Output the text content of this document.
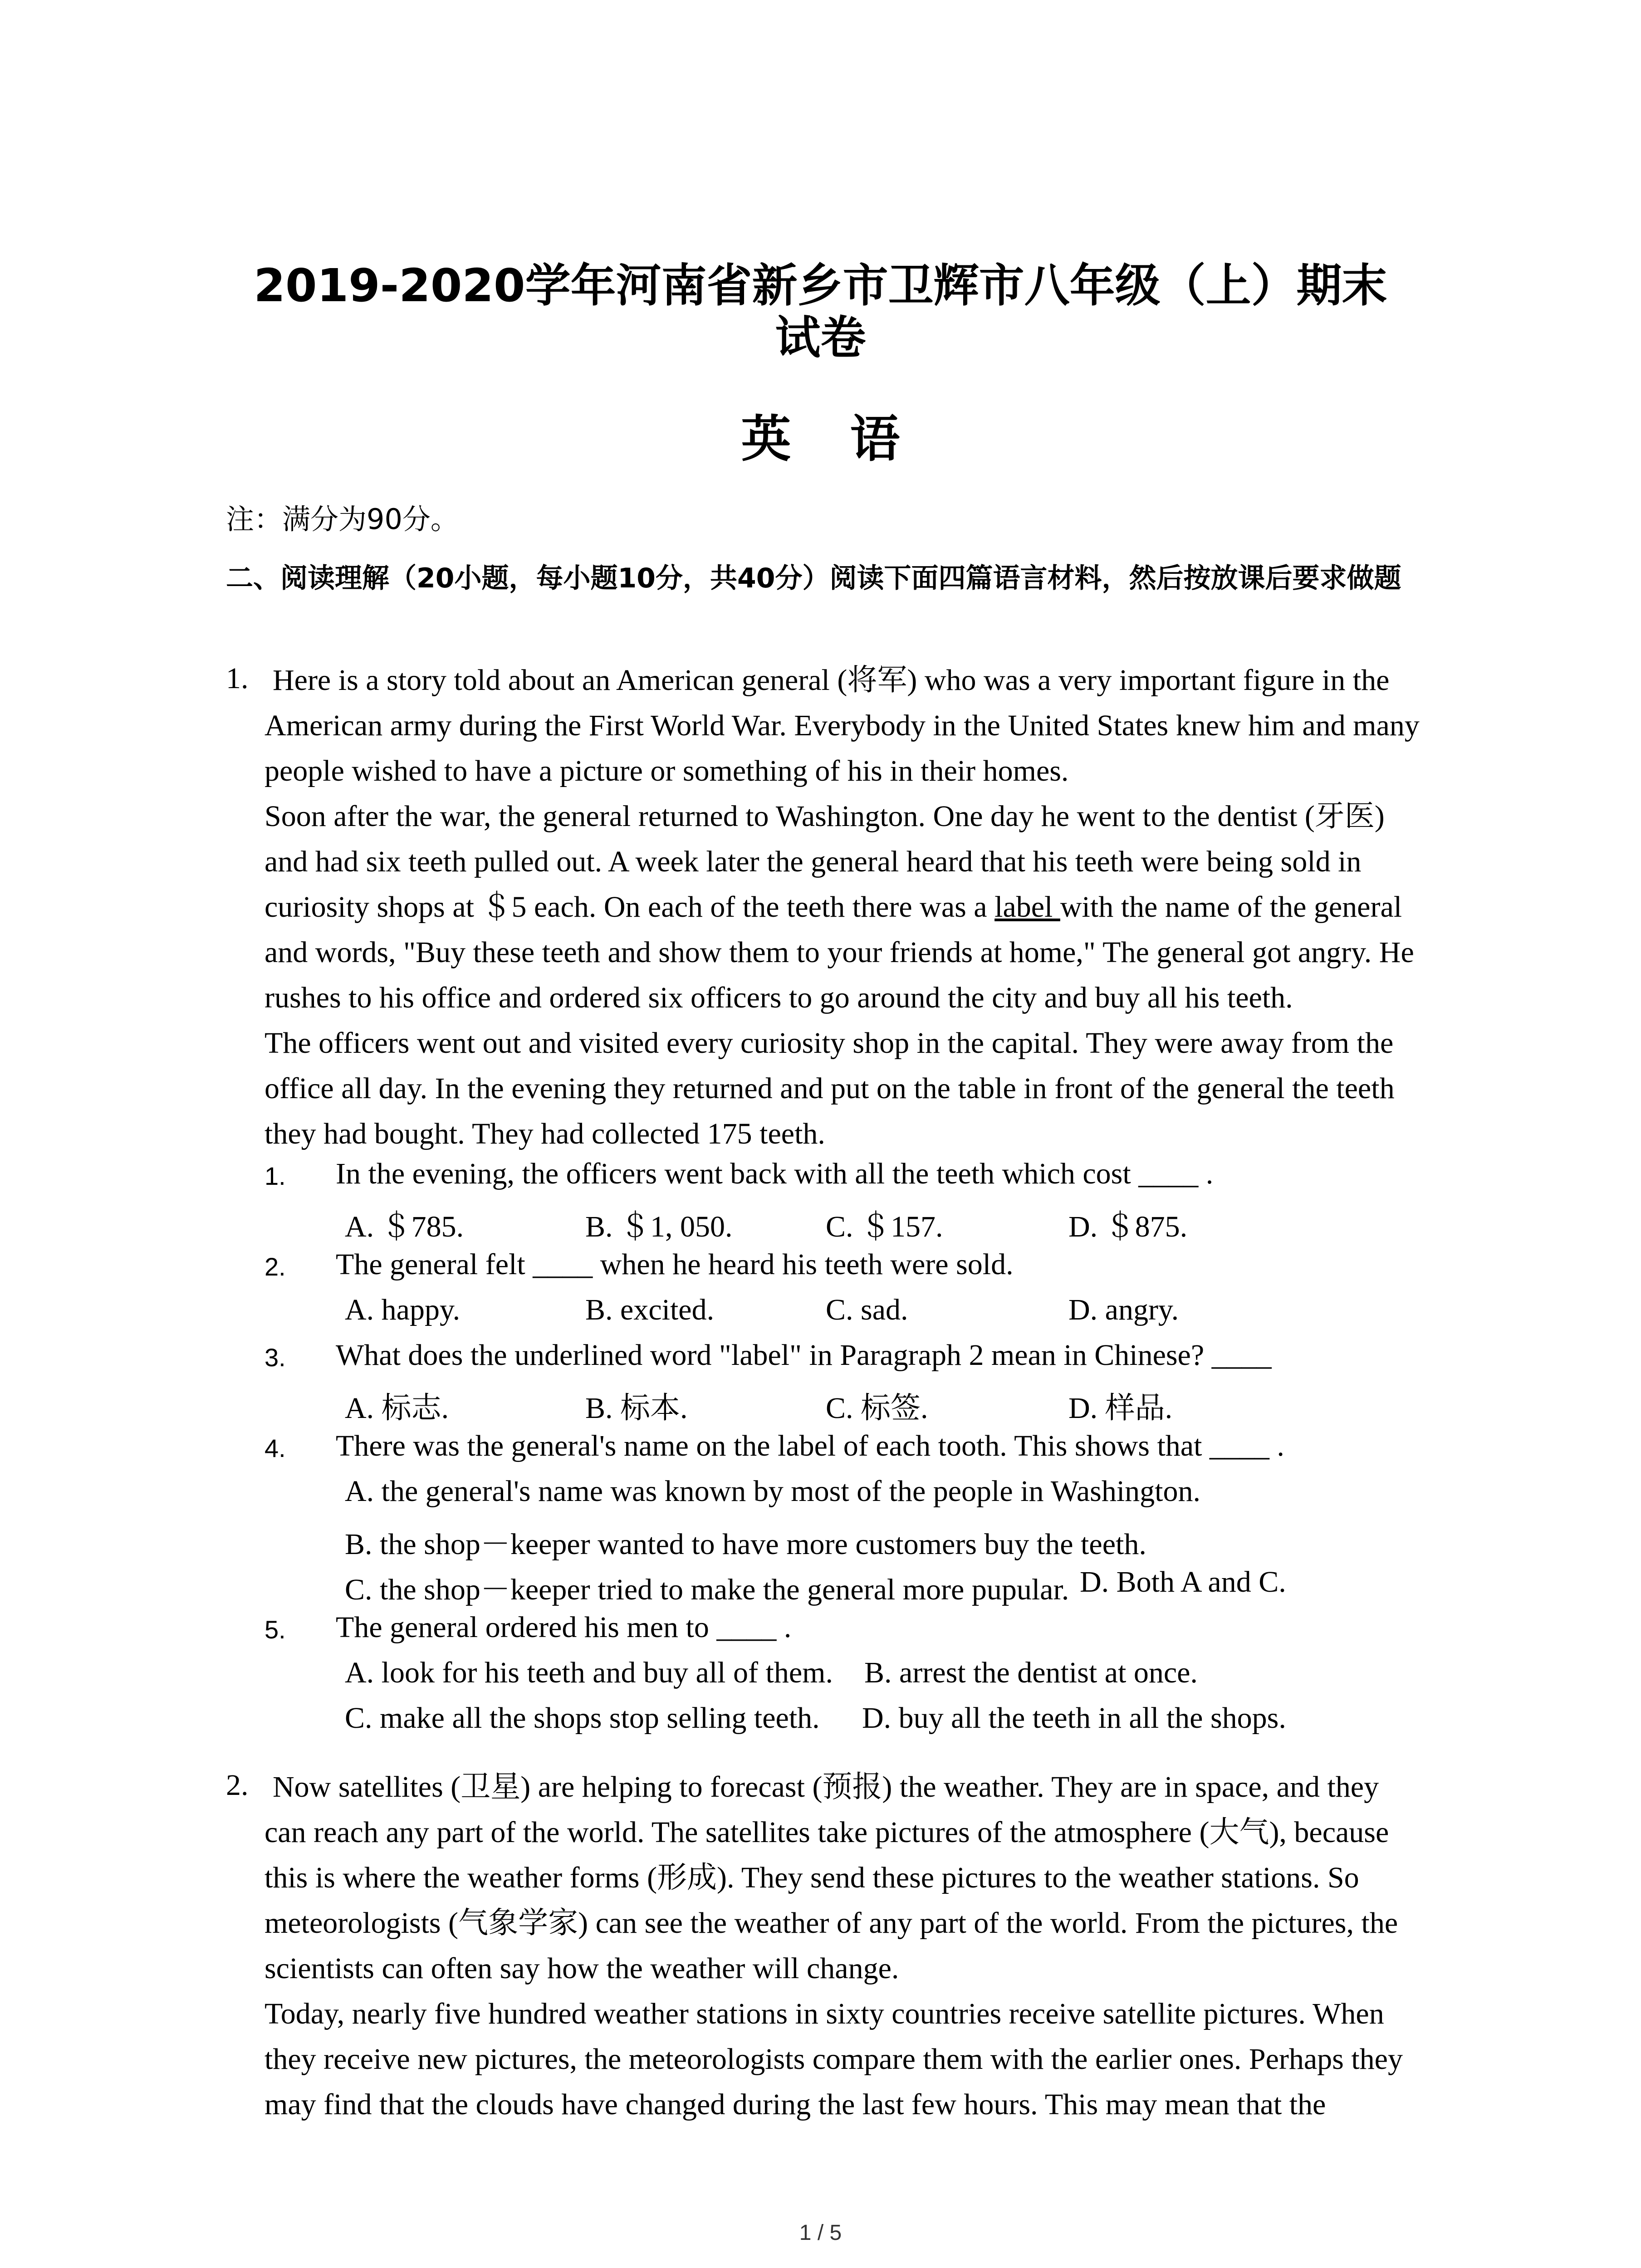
2019-2020学年河南省新乡市卫辉市八年级（上）期末
试卷
英语
注：满分为90分。
二、阅读理解（20小题，每小题10分，共40分）阅读下面四篇语言材料，然后按放课后要求做题
1. Here is a story told about an American general (将军) who was a very important figure in the
American army during the First World War. Everybody in the United States knew him and many
people wished to have a picture or something of his in their homes.
Soon after the war, the general returned to Washington. One day he went to the dentist (牙医)
and had six teeth pulled out. A week later the general heard that his teeth were being sold in
curiosity shops at ＄5 each. On each of the teeth there was a label with the name of the general
and words, "Buy these teeth and show them to your friends at home," The general got angry. He
rushes to his office and ordered six officers to go around the city and buy all his teeth.
The officers went out and visited every curiosity shop in the capital. They were away from the
office all day. In the evening they returned and put on the table in front of the general the teeth
they had bought. They had collected 175 teeth.
1. In the evening, the officers went back with all the teeth which cost ____ .
A. ＄785.	B. ＄1, 050.	C. ＄157.	D. ＄875.
2. The general felt ____ when he heard his teeth were sold.
A. happy.	B. excited.	C. sad.	D. angry.
3. What does the underlined word "label" in Paragraph 2 mean in Chinese? ____
A. 标志.	B. 标本.	C. 标签.	D. 样品.
4. There was the general's name on the label of each tooth. This shows that ____ .
A. the general's name was known by most of the people in Washington.
B. the shop－keeper wanted to have more customers buy the teeth.
C. the shop－keeper tried to make the general more pupular. D. Both A and C.
5. The general ordered his men to ____ .
A. look for his teeth and buy all of them. B. arrest the dentist at once.
C. make all the shops stop selling teeth. D. buy all the teeth in all the shops.
2. Now satellites (卫星) are helping to forecast (预报) the weather. They are in space, and they
can reach any part of the world. The satellites take pictures of the atmosphere (大气), because
this is where the weather forms (形成). They send these pictures to the weather stations. So
meteorologists (气象学家) can see the weather of any part of the world. From the pictures, the
scientists can often say how the weather will change.
Today, nearly five hundred weather stations in sixty countries receive satellite pictures. When
they receive new pictures, the meteorologists compare them with the earlier ones. Perhaps they
may find that the clouds have changed during the last few hours. This may mean that the
1 / 5
